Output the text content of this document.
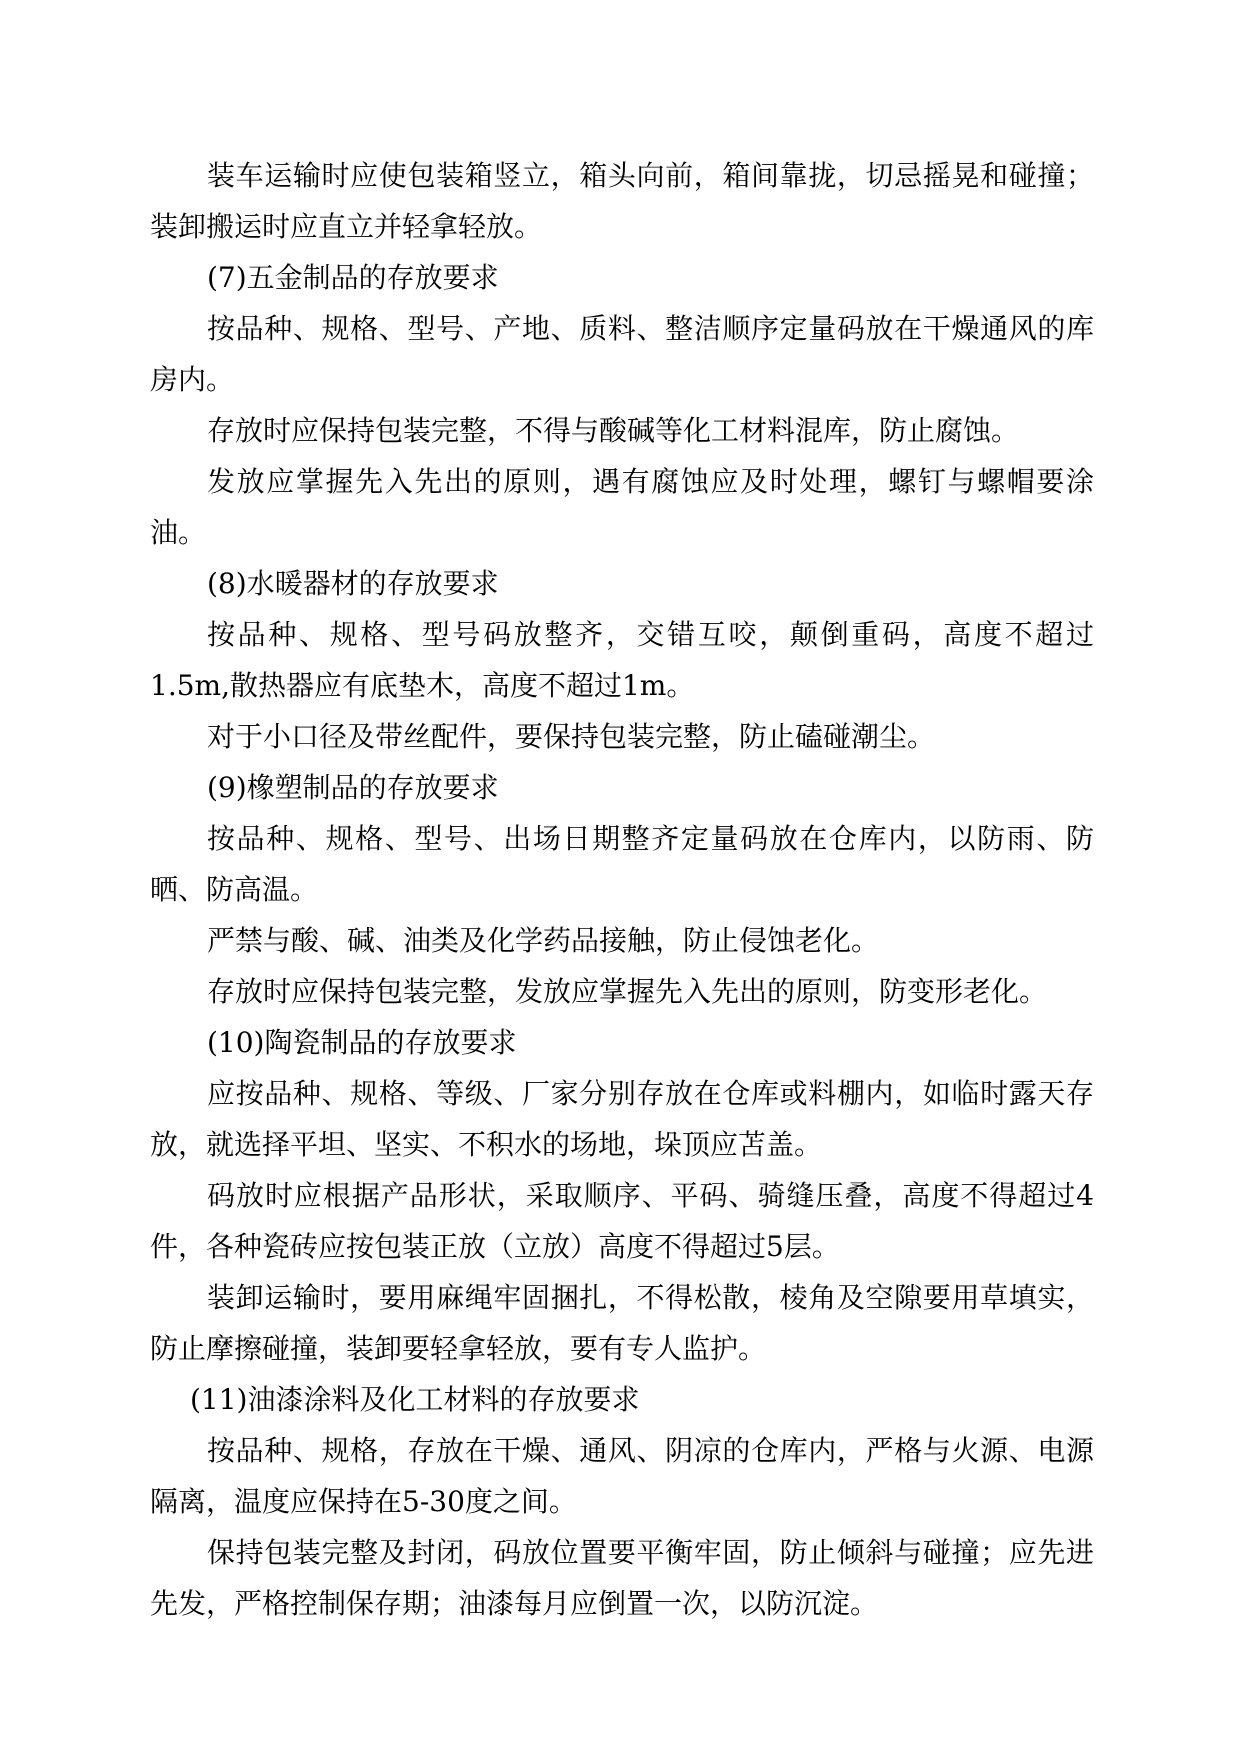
装车运输时应使包装箱竖立，箱头向前，箱间靠拢，切忌摇晃和碰撞；装卸搬运时应直立并轻拿轻放。

(7)五金制品的存放要求

按品种、规格、型号、产地、质料、整洁顺序定量码放在干燥通风的库房内。

存放时应保持包装完整，不得与酸碱等化工材料混库，防止腐蚀。

发放应掌握先入先出的原则，遇有腐蚀应及时处理，螺钉与螺帽要涂油。

(8)水暖器材的存放要求

按品种、规格、型号码放整齐，交错互咬，颠倒重码，高度不超过1.5m,散热器应有底垫木，高度不超过1m。

对于小口径及带丝配件，要保持包装完整，防止磕碰潮尘。

(9)橡塑制品的存放要求

按品种、规格、型号、出场日期整齐定量码放在仓库内，以防雨、防晒、防高温。

严禁与酸、碱、油类及化学药品接触，防止侵蚀老化。

存放时应保持包装完整，发放应掌握先入先出的原则，防变形老化。

(10)陶瓷制品的存放要求

应按品种、规格、等级、厂家分别存放在仓库或料棚内，如临时露天存放，就选择平坦、坚实、不积水的场地，垛顶应苫盖。

码放时应根据产品形状，采取顺序、平码、骑缝压叠，高度不得超过4件，各种瓷砖应按包装正放（立放）高度不得超过5层。

装卸运输时，要用麻绳牢固捆扎，不得松散，棱角及空隙要用草填实，防止摩擦碰撞，装卸要轻拿轻放，要有专人监护。

(11)油漆涂料及化工材料的存放要求

按品种、规格，存放在干燥、通风、阴凉的仓库内，严格与火源、电源隔离，温度应保持在5-30度之间。

保持包装完整及封闭，码放位置要平衡牢固，防止倾斜与碰撞；应先进先发，严格控制保存期；油漆每月应倒置一次，以防沉淀。
